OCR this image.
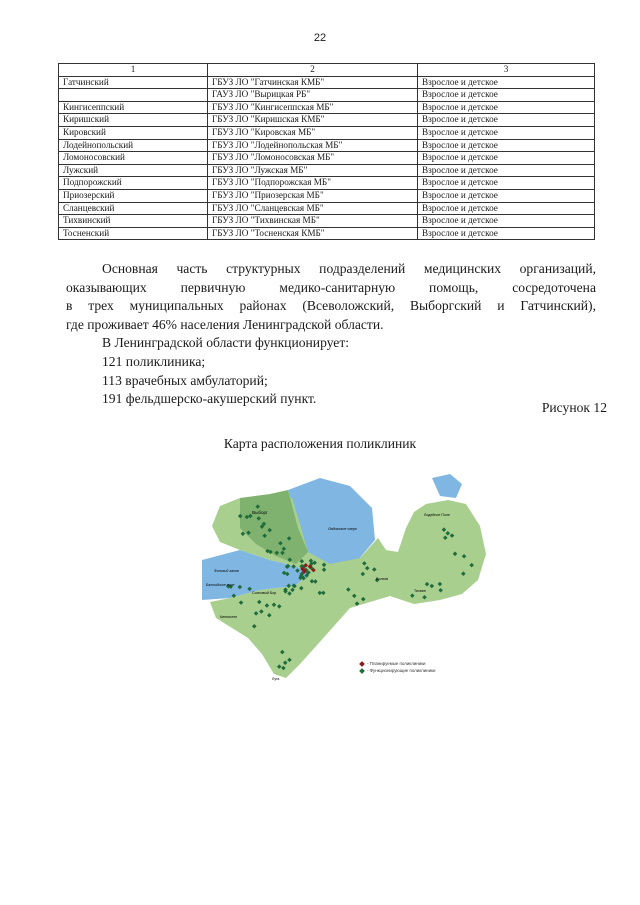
22
1	2	3
Гатчинский	ГБУЗ ЛО "Гатчинская КМБ"	Взрослое и детское
	ГАУЗ ЛО "Вырицкая РБ"	Взрослое и детское
Кингисеппский	ГБУЗ ЛО "Кингисеппская МБ"	Взрослое и детское
Киришский	ГБУЗ ЛО "Киришская КМБ"	Взрослое и детское
Кировский	ГБУЗ ЛО "Кировская МБ"	Взрослое и детское
Лодейнопольский	ГБУЗ ЛО "Лодейнопольская МБ"	Взрослое и детское
Ломоносовский	ГБУЗ ЛО "Ломоносовская МБ"	Взрослое и детское
Лужский	ГБУЗ ЛО "Лужская МБ"	Взрослое и детское
Подпорожский	ГБУЗ ЛО "Подпорожская МБ"	Взрослое и детское
Приозерский	ГБУЗ ЛО "Приозерская МБ"	Взрослое и детское
Сланцевский	ГБУЗ ЛО "Сланцевская МБ"	Взрослое и детское
Тихвинский	ГБУЗ ЛО "Тихвинская МБ"	Взрослое и детское
Тосненский	ГБУЗ ЛО "Тосненская КМБ"	Взрослое и детское

Основная часть структурных подразделений медицинских организаций,

оказывающих первичную медико-санитарную помощь, сосредоточена

в трех муниципальных районах (Всеволожский, Выборгский и Гатчинский),

где проживает 46% населения Ленинградской области.

В Ленинградской области функционирует:

121 поликлиника;

113 врачебных амбулаторий;

191 фельдшерско-акушерский пункт.

Рисунок 12
Карта расположения поликлиник
Выборг
Ладожское озеро
Финский залив
Балтийское море
Сосновый Бор
Кингисепп
Волхов
Тихвин
Лодейное Поле
Луга
- Планируемые поликлиники
- Функционирующие поликлиники
